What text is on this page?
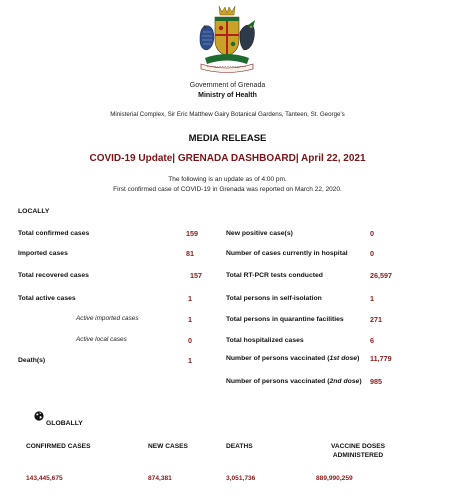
Government of Grenada
Ministry of Health
Ministerial Complex, Sir Eric Matthew Gairy Botanical Gardens, Tanteen, St. George's
MEDIA RELEASE
COVID-19 Update| GRENADA DASHBOARD| April 22, 2021
The following is an update as of 4:00 pm.
First confirmed case of COVID-19 in Grenada was reported on March 22, 2020.
LOCALLY
Total confirmed cases	159
Imported cases	81
Total recovered cases	157
Total active cases	1
Active imported cases	1
Active local cases	0
Death(s)	1
New positive case(s)	0
Number of cases currently in hospital	0
Total RT-PCR tests conducted	26,597
Total persons in self-isolation	1
Total persons in quarantine facilities	271
Total hospitalized cases	6
Number of persons vaccinated (1st dose)	11,779
Number of persons vaccinated (2nd dose)	985
GLOBALLY
CONFIRMED CASES	NEW CASES	DEATHS	VACCINE DOSES ADMINISTERED
143,445,675	874,381	3,051,736	889,990,259
